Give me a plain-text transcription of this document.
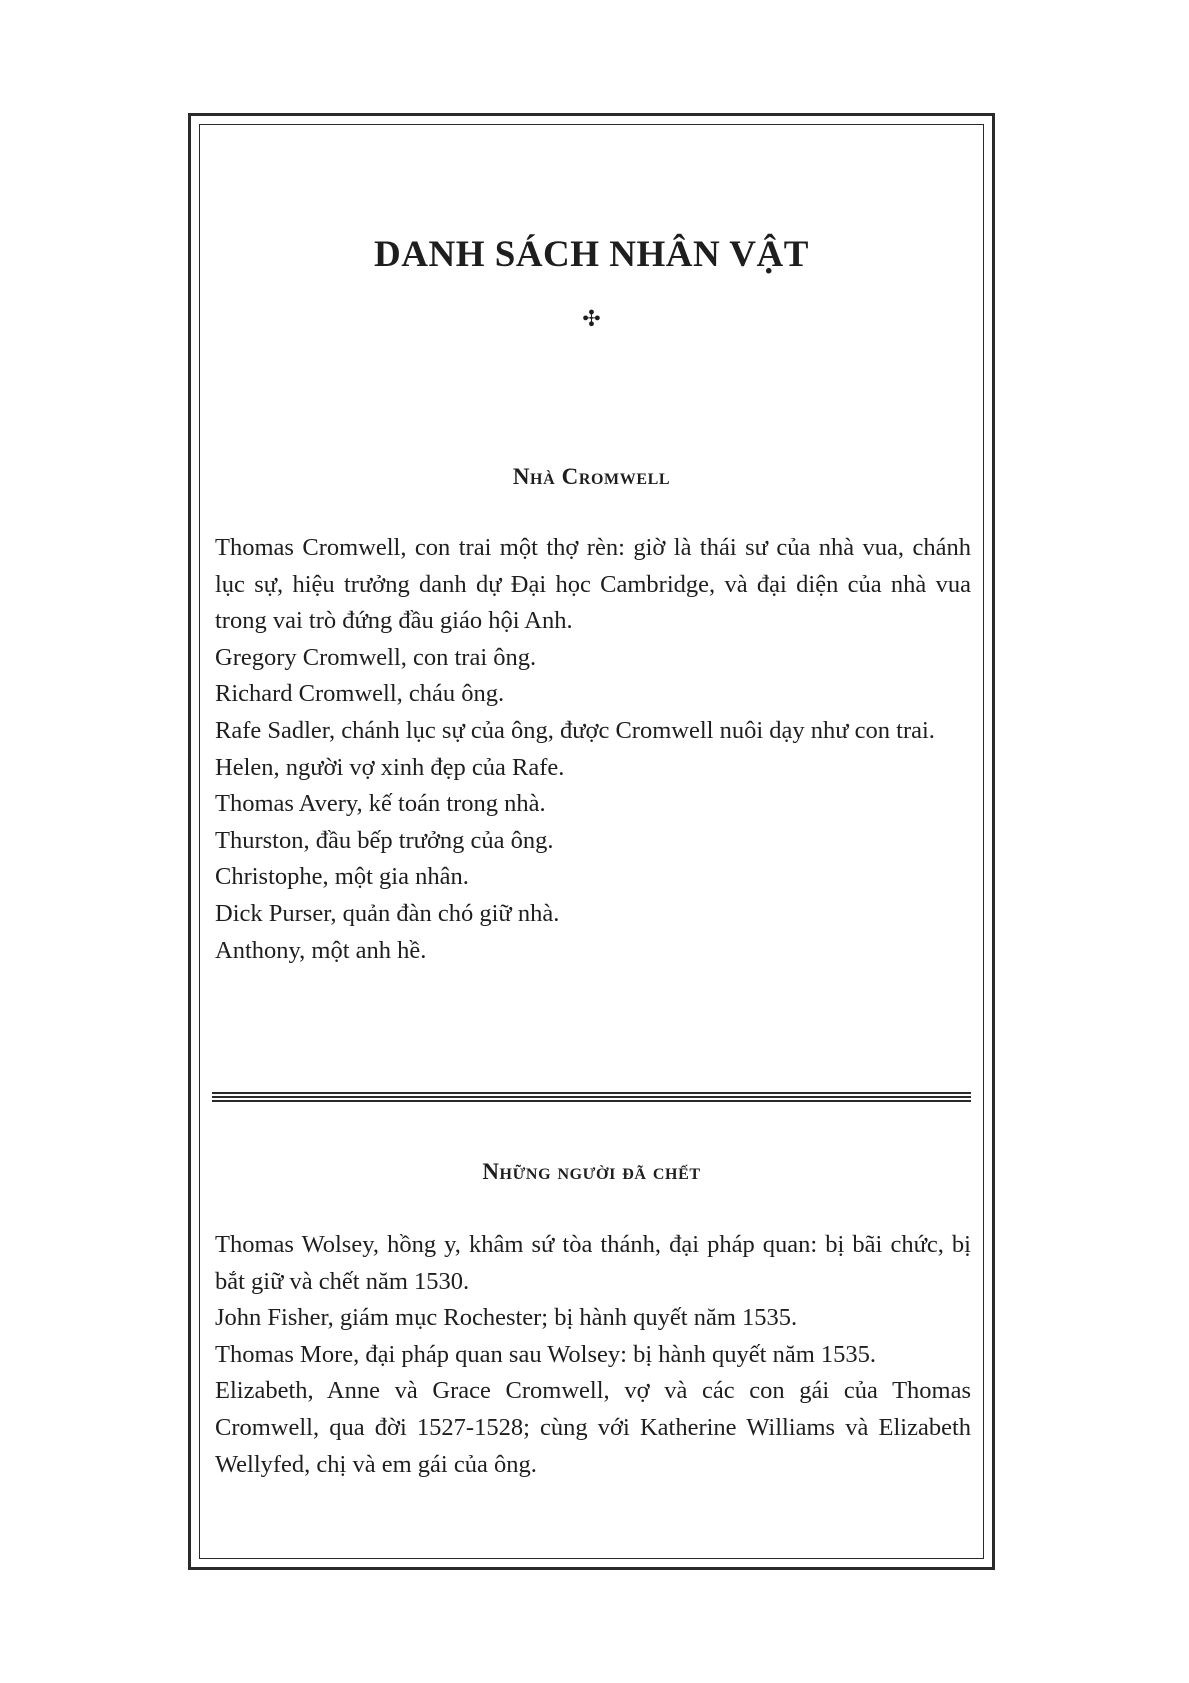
DANH SÁCH NHÂN VẬT
✣
Nhà Cromwell
Thomas Cromwell, con trai một thợ rèn: giờ là thái sư của nhà vua, chánh lục sự, hiệu trưởng danh dự Đại học Cambridge, và đại diện của nhà vua trong vai trò đứng đầu giáo hội Anh.
Gregory Cromwell, con trai ông.
Richard Cromwell, cháu ông.
Rafe Sadler, chánh lục sự của ông, được Cromwell nuôi dạy như con trai.
Helen, người vợ xinh đẹp của Rafe.
Thomas Avery, kế toán trong nhà.
Thurston, đầu bếp trưởng của ông.
Christophe, một gia nhân.
Dick Purser, quản đàn chó giữ nhà.
Anthony, một anh hề.
Những người đã chết
Thomas Wolsey, hồng y, khâm sứ tòa thánh, đại pháp quan: bị bãi chức, bị bắt giữ và chết năm 1530.
John Fisher, giám mục Rochester; bị hành quyết năm 1535.
Thomas More, đại pháp quan sau Wolsey: bị hành quyết năm 1535.
Elizabeth, Anne và Grace Cromwell, vợ và các con gái của Thomas Cromwell, qua đời 1527-1528; cùng với Katherine Williams và Elizabeth Wellyfed, chị và em gái của ông.
